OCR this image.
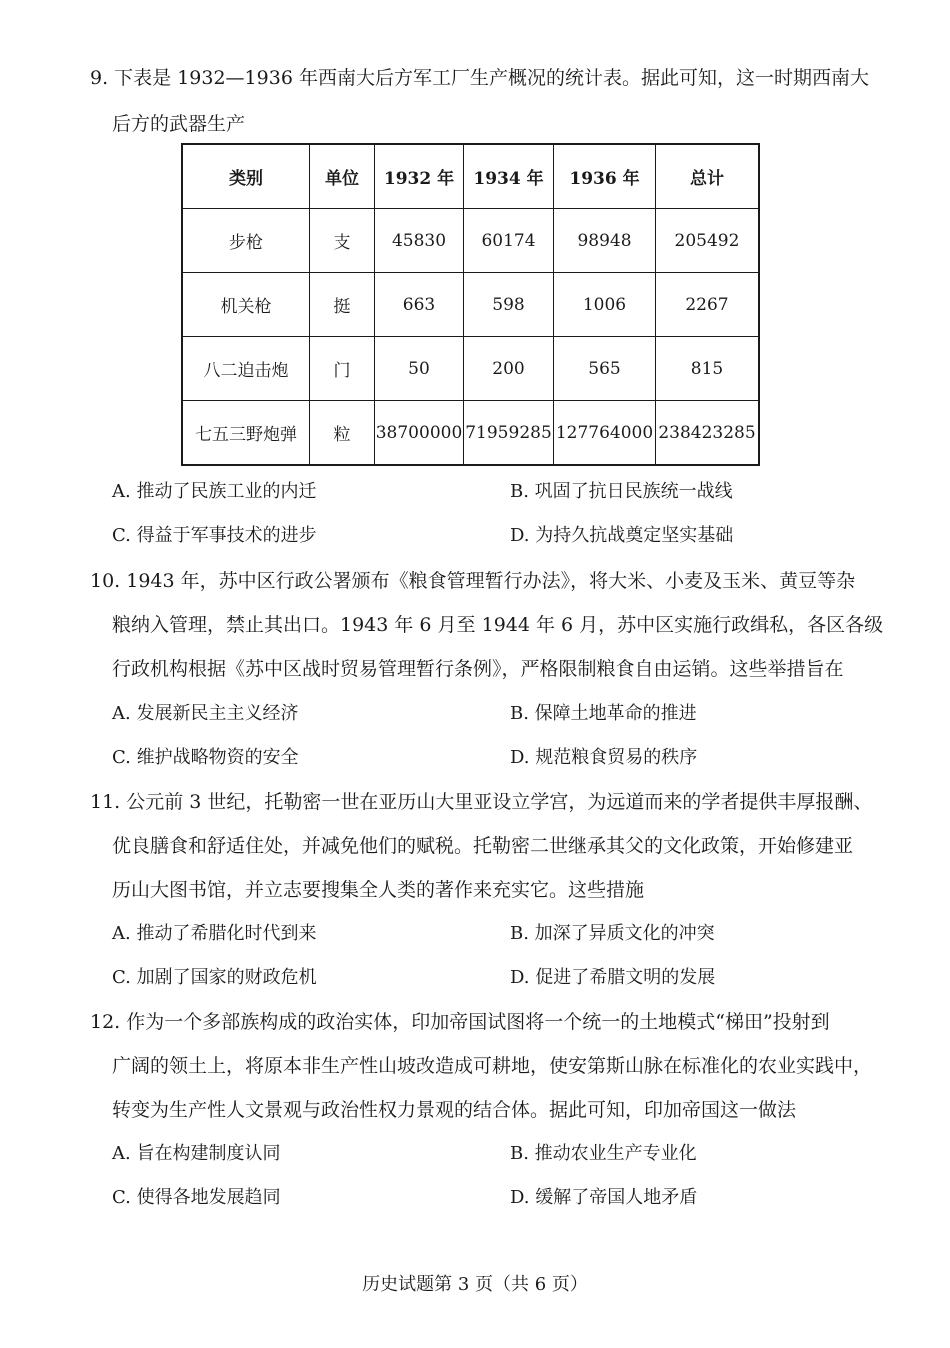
9. 下表是 1932—1936 年西南大后方军工厂生产概况的统计表。据此可知，这一时期西南大
后方的武器生产
类别	单位	1932 年	1934 年	1936 年	总计
步枪	支	45830	60174	98948	205492
机关枪	挺	663	598	1006	2267
八二迫击炮	门	50	200	565	815
七五三野炮弹	粒	38700000	71959285	127764000	238423285
A. 推动了民族工业的内迁	B. 巩固了抗日民族统一战线
C. 得益于军事技术的进步	D. 为持久抗战奠定坚实基础
10. 1943 年，苏中区行政公署颁布《粮食管理暂行办法》，将大米、小麦及玉米、黄豆等杂
粮纳入管理，禁止其出口。1943 年 6 月至 1944 年 6 月，苏中区实施行政缉私，各区各级
行政机构根据《苏中区战时贸易管理暂行条例》，严格限制粮食自由运销。这些举措旨在
A. 发展新民主主义经济	B. 保障土地革命的推进
C. 维护战略物资的安全	D. 规范粮食贸易的秩序
11. 公元前 3 世纪，托勒密一世在亚历山大里亚设立学宫，为远道而来的学者提供丰厚报酬、
优良膳食和舒适住处，并减免他们的赋税。托勒密二世继承其父的文化政策，开始修建亚
历山大图书馆，并立志要搜集全人类的著作来充实它。这些措施
A. 推动了希腊化时代到来	B. 加深了异质文化的冲突
C. 加剧了国家的财政危机	D. 促进了希腊文明的发展
12. 作为一个多部族构成的政治实体，印加帝国试图将一个统一的土地模式“梯田”投射到
广阔的领土上，将原本非生产性山坡改造成可耕地，使安第斯山脉在标准化的农业实践中，
转变为生产性人文景观与政治性权力景观的结合体。据此可知，印加帝国这一做法
A. 旨在构建制度认同	B. 推动农业生产专业化
C. 使得各地发展趋同	D. 缓解了帝国人地矛盾
历史试题第 3 页（共 6 页）
